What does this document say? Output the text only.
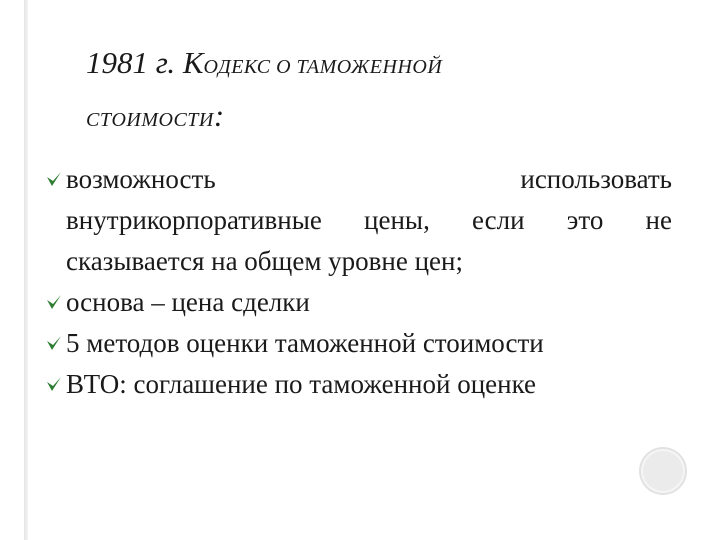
1981 г. КОДЕКС О ТАМОЖЕННОЙ
СТОИМОСТИ:
возможность	использовать
внутрикорпоративные цены, если это не сказывается на общем уровне цен;
основа – цена сделки
5 методов оценки таможенной стоимости
ВТО: соглашение по таможенной оценке
